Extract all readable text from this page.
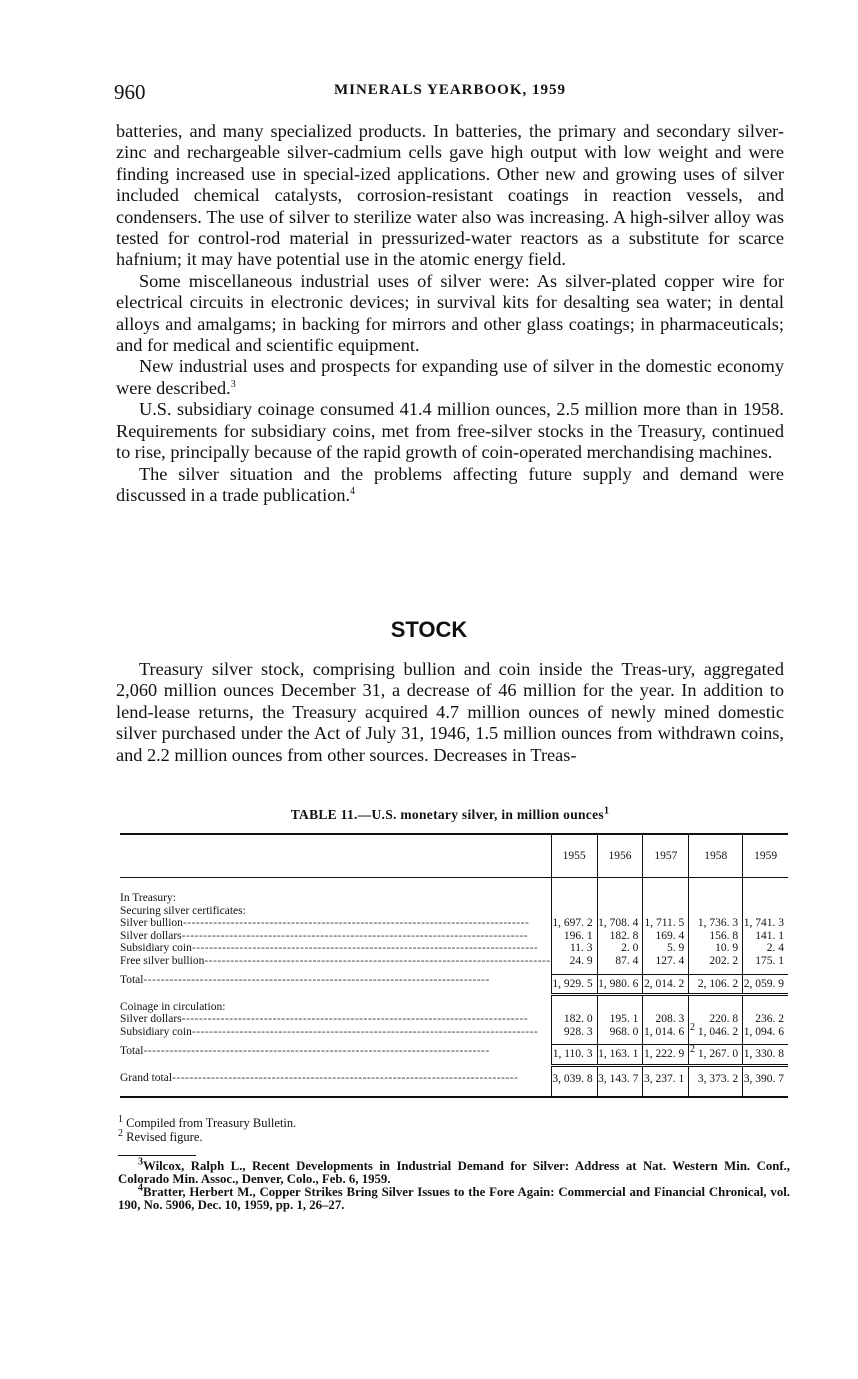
960	MINERALS YEARBOOK, 1959

batteries, and many specialized products. In batteries, the primary and secondary silver-zinc and rechargeable silver-cadmium cells gave high output with low weight and were finding increased use in special-ized applications. Other new and growing uses of silver included chemical catalysts, corrosion-resistant coatings in reaction vessels, and condensers. The use of silver to sterilize water also was increasing. A high-silver alloy was tested for control-rod material in pressurized-water reactors as a substitute for scarce hafnium; it may have potential use in the atomic energy field.

Some miscellaneous industrial uses of silver were: As silver-plated copper wire for electrical circuits in electronic devices; in survival kits for desalting sea water; in dental alloys and amalgams; in backing for mirrors and other glass coatings; in pharmaceuticals; and for medical and scientific equipment.

New industrial uses and prospects for expanding use of silver in the domestic economy were described.$^3$

U.S. subsidiary coinage consumed 41.4 million ounces, 2.5 million more than in 1958. Requirements for subsidiary coins, met from free-silver stocks in the Treasury, continued to rise, principally because of the rapid growth of coin-operated merchandising machines.

The silver situation and the problems affecting future supply and demand were discussed in a trade publication.$^4$

STOCK

Treasury silver stock, comprising bullion and coin inside the Treas-ury, aggregated 2,060 million ounces December 31, a decrease of 46 million for the year. In addition to lend-lease returns, the Treasury acquired 4.7 million ounces of newly mined domestic silver purchased under the Act of July 31, 1946, 1.5 million ounces from withdrawn coins, and 2.2 million ounces from other sources. Decreases in Treas-

TABLE 11.—U.S. monetary silver, in million ounces$^1$
	1955	1956	1957	1958	1959
In Treasury:					
Securing silver certificates:					
Silver bullion -----	1, 697. 2	1, 708. 4	1, 711. 5	1, 736. 3	1, 741. 3
Silver dollars -----	196. 1	182. 8	169. 4	156. 8	141. 1
Subsidiary coin -----	11. 3	2. 0	5. 9	10. 9	2. 4
Free silver bullion -----	24. 9	87. 4	127. 4	202. 2	175. 1

Total -----	1, 929. 5	1, 980. 6	2, 014. 2	2, 106. 2	2, 059. 9
Coinage in circulation:					
Silver dollars -----	182. 0	195. 1	208. 3	220. 8	236. 2
Subsidiary coin -----	928. 3	968. 0	1, 014. 6	$^2$ 1, 046. 2	1, 094. 6

Total -----	1, 110. 3	1, 163. 1	1, 222. 9	$^2$ 1, 267. 0	1, 330. 8
Grand total -----	3, 039. 8	3, 143. 7	3, 237. 1	3, 373. 2	3, 390. 7
$^1$ Compiled from Treasury Bulletin.
$^2$ Revised figure.

$^3$Wilcox, Ralph L., Recent Developments in Industrial Demand for Silver: Address at Nat. Western Min. Conf., Colorado Min. Assoc., Denver, Colo., Feb. 6, 1959.

$^4$Bratter, Herbert M., Copper Strikes Bring Silver Issues to the Fore Again: Commercial and Financial Chronical, vol. 190, No. 5906, Dec. 10, 1959, pp. 1, 26–27.
